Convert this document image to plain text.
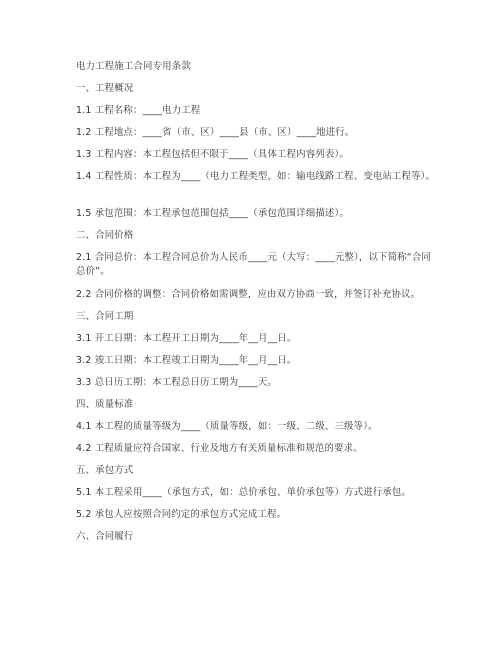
电力工程施工合同专用条款
一、工程概况
1.1 工程名称：____电力工程
1.2 工程地点：____省（市、区）____县（市、区）____地进行。
1.3 工程内容：本工程包括但不限于____（具体工程内容列表）。
1.4 工程性质：本工程为____（电力工程类型，如：输电线路工程、变电站工程等）。
1.5 承包范围：本工程承包范围包括____（承包范围详细描述）。
二、合同价格
2.1 合同总价：本工程合同总价为人民币____元（大写：____元整），以下简称“合同总价”。
2.2 合同价格的调整：合同价格如需调整，应由双方协商一致，并签订补充协议。
三、合同工期
3.1 开工日期：本工程开工日期为____年__月__日。
3.2 竣工日期：本工程竣工日期为____年__月__日。
3.3 总日历工期：本工程总日历工期为____天。
四、质量标准
4.1 本工程的质量等级为____（质量等级，如：一级、二级、三级等）。
4.2 工程质量应符合国家、行业及地方有关质量标准和规范的要求。
五、承包方式
5.1 本工程采用____（承包方式，如：总价承包、单价承包等）方式进行承包。
5.2 承包人应按照合同约定的承包方式完成工程。
六、合同履行
